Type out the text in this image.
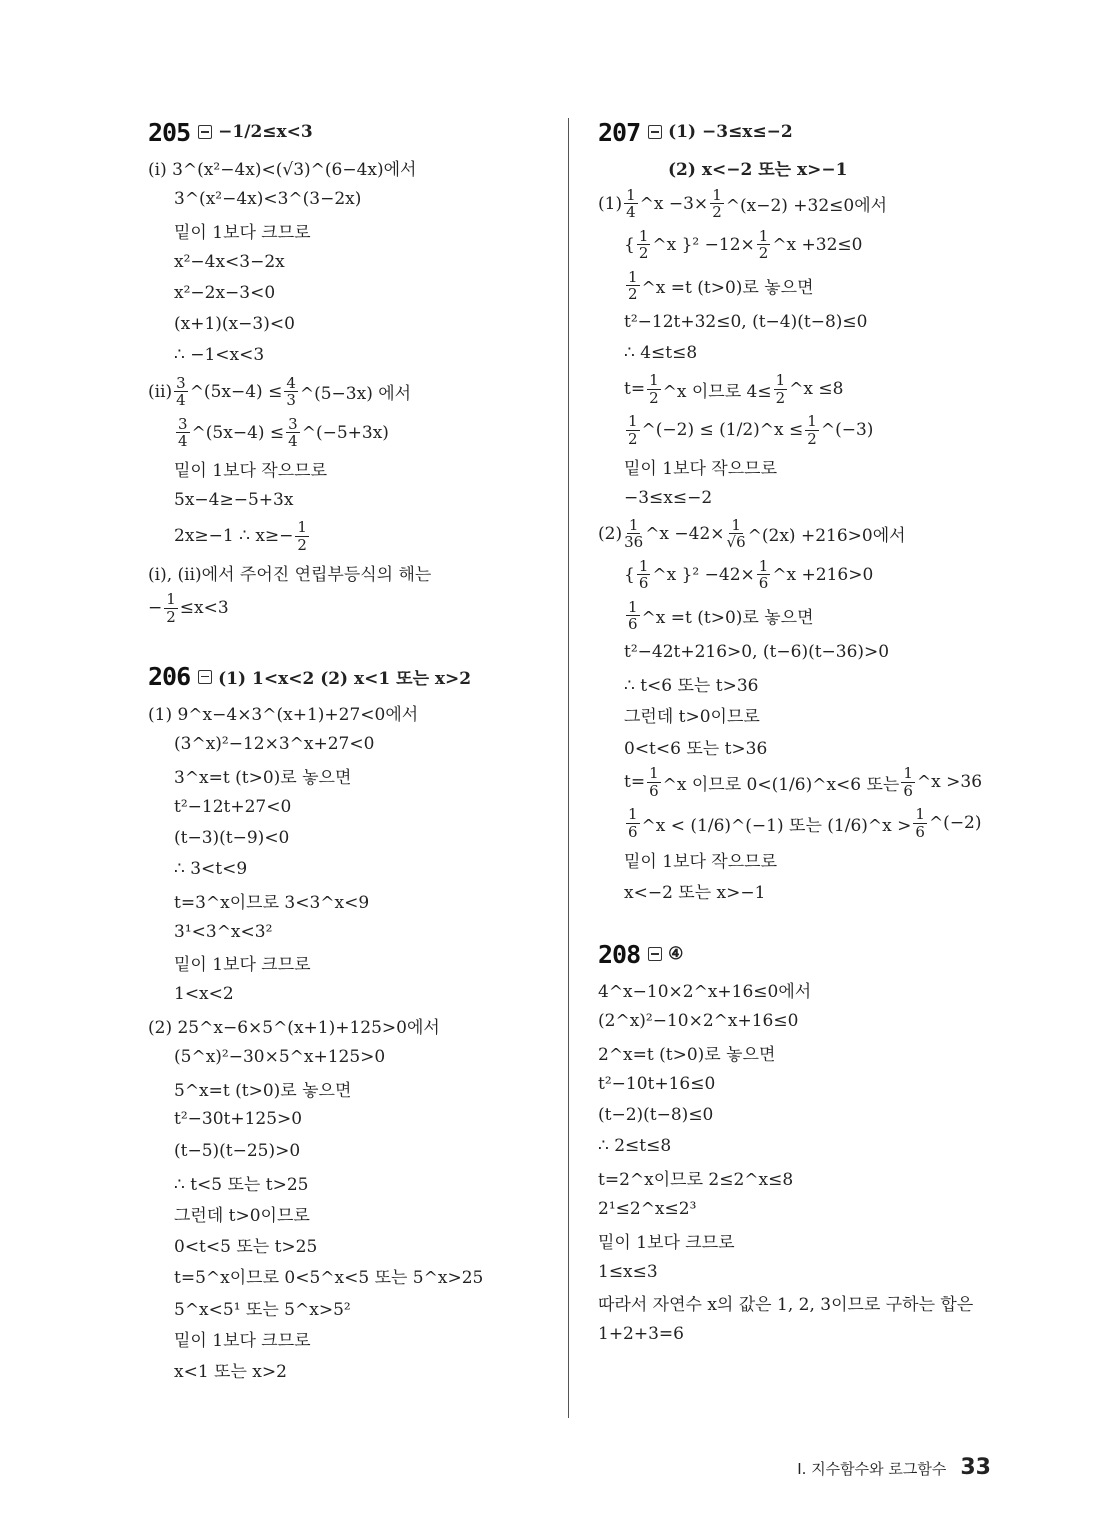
205 −1/2≤x<3
(ⅰ) 3^(x²−4x)<(√3)^(6−4x)에서
3^(x²−4x)<3^(3−2x)
밑이 1보다 크므로
x²−4x<3−2x
x²−2x−3<0
(x+1)(x−3)<0
∴ −1<x<3
(ⅱ) $\frac{3}{4}$ ^(5x−4) ≤ $\frac{4}{3}$ ^(5−3x) 에서
$\frac{3}{4}$ ^(5x−4) ≤ $\frac{3}{4}$ ^(−5+3x)
밑이 1보다 작으므로
5x−4≥−5+3x
2x≥−1 ∴ $x\ge- \frac{1}{2}$
(ⅰ), (ⅱ)에서 주어진 연립부등식의 해는
− $\frac{1}{2} \le x<3$
206 (1) 1<x<2 (2) x<1 또는 x>2
(1) 9^x−4×3^(x+1)+27<0에서
(3^x)²−12×3^x+27<0
3^x=t (t>0)로 놓으면
t²−12t+27<0
(t−3)(t−9)<0
∴ 3<t<9
t=3^x이므로 3<3^x<9
3¹<3^x<3²
밑이 1보다 크므로
1<x<2
(2) 25^x−6×5^(x+1)+125>0에서
(5^x)²−30×5^x+125>0
5^x=t (t>0)로 놓으면
t²−30t+125>0
(t−5)(t−25)>0
∴ t<5 또는 t>25
그런데 t>0이므로
0<t<5 또는 t>25
t=5^x이므로 0<5^x<5 또는 5^x>25
5^x<5¹ 또는 5^x>5²
밑이 1보다 크므로
x<1 또는 x>2
207 (1) −3≤x≤−2
(2) x<−2 또는 x>−1
$(1) \frac{1}{4}$ ^x $-3\times \frac{1}{2}$ ^(x−2) +32≤0에서
{ $\frac{1}{2}$ ^x }$^2 -12\times \frac{1}{2}$ ^x +32≤0
$\frac{1}{2}$ ^x =t (t>0)로 놓으면
t²−12t+32≤0, (t−4)(t−8)≤0
∴ 4≤t≤8
$t= \frac{1}{2}$ ^x 이므로 $4\le \frac{1}{2}$ ^x ≤8
$\frac{1}{2}$ ^(−2) ≤ (1/2)^x ≤ $\frac{1}{2}$ ^(−3)
밑이 1보다 작으므로
−3≤x≤−2
$(2) \frac{1}{36}$ ^x $-42\times \frac{1}{√6}$ ^(2x) +216>0에서
{ $\frac{1}{6}$ ^x }$^2 -42\times \frac{1}{6}$ ^x +216>0
$\frac{1}{6}$ ^x =t (t>0)로 놓으면
t²−42t+216>0, (t−6)(t−36)>0
∴ t<6 또는 t>36
그런데 t>0이므로
0<t<6 또는 t>36
$t= \frac{1}{6}$ ^x 이므로 0<(1/6)^x<6 또는 $\frac{1}{6}$ ^x >36
$\frac{1}{6}$ ^x < (1/6)^(−1) 또는 (1/6)^x > $\frac{1}{6}$ ^(−2)
밑이 1보다 작으므로
x<−2 또는 x>−1
208 ④
4^x−10×2^x+16≤0에서
(2^x)²−10×2^x+16≤0
2^x=t (t>0)로 놓으면
t²−10t+16≤0
(t−2)(t−8)≤0
∴ 2≤t≤8
t=2^x이므로 2≤2^x≤8
2¹≤2^x≤2³
밑이 1보다 크므로
1≤x≤3
따라서 자연수 x의 값은 1, 2, 3이므로 구하는 합은
1+2+3=6
Ⅰ. 지수함수와 로그함수 33
